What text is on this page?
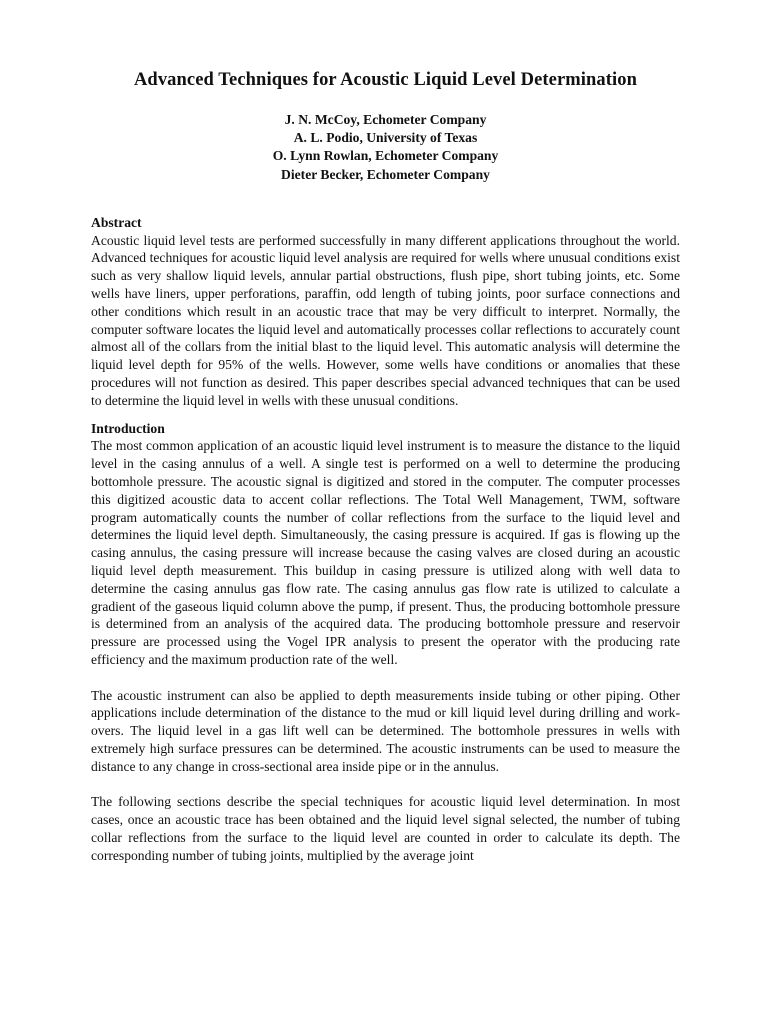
Advanced Techniques for Acoustic Liquid Level Determination
J. N. McCoy, Echometer Company
A. L. Podio, University of Texas
O. Lynn Rowlan, Echometer Company
Dieter Becker, Echometer Company
Abstract

Acoustic liquid level tests are performed successfully in many different applications throughout the world. Advanced techniques for acoustic liquid level analysis are required for wells where unusual conditions exist such as very shallow liquid levels, annular partial obstructions, flush pipe, short tubing joints, etc. Some wells have liners, upper perforations, paraffin, odd length of tubing joints, poor surface connections and other conditions which result in an acoustic trace that may be very difficult to interpret. Normally, the computer software locates the liquid level and automatically processes collar reflections to accurately count almost all of the collars from the initial blast to the liquid level. This automatic analysis will determine the liquid level depth for 95% of the wells. However, some wells have conditions or anomalies that these procedures will not function as desired. This paper describes special advanced techniques that can be used to determine the liquid level in wells with these unusual conditions.

Introduction

The most common application of an acoustic liquid level instrument is to measure the distance to the liquid level in the casing annulus of a well. A single test is performed on a well to determine the producing bottomhole pressure. The acoustic signal is digitized and stored in the computer. The computer processes this digitized acoustic data to accent collar reflections. The Total Well Management, TWM, software program automatically counts the number of collar reflections from the surface to the liquid level and determines the liquid level depth. Simultaneously, the casing pressure is acquired. If gas is flowing up the casing annulus, the casing pressure will increase because the casing valves are closed during an acoustic liquid level depth measurement. This buildup in casing pressure is utilized along with well data to determine the casing annulus gas flow rate. The casing annulus gas flow rate is utilized to calculate a gradient of the gaseous liquid column above the pump, if present. Thus, the producing bottomhole pressure is determined from an analysis of the acquired data. The producing bottomhole pressure and reservoir pressure are processed using the Vogel IPR analysis to present the operator with the producing rate efficiency and the maximum production rate of the well.

The acoustic instrument can also be applied to depth measurements inside tubing or other piping. Other applications include determination of the distance to the mud or kill liquid level during drilling and work-overs. The liquid level in a gas lift well can be determined. The bottomhole pressures in wells with extremely high surface pressures can be determined. The acoustic instruments can be used to measure the distance to any change in cross-sectional area inside pipe or in the annulus.

The following sections describe the special techniques for acoustic liquid level determination. In most cases, once an acoustic trace has been obtained and the liquid level signal selected, the number of tubing collar reflections from the surface to the liquid level are counted in order to calculate its depth. The corresponding number of tubing joints, multiplied by the average joint
